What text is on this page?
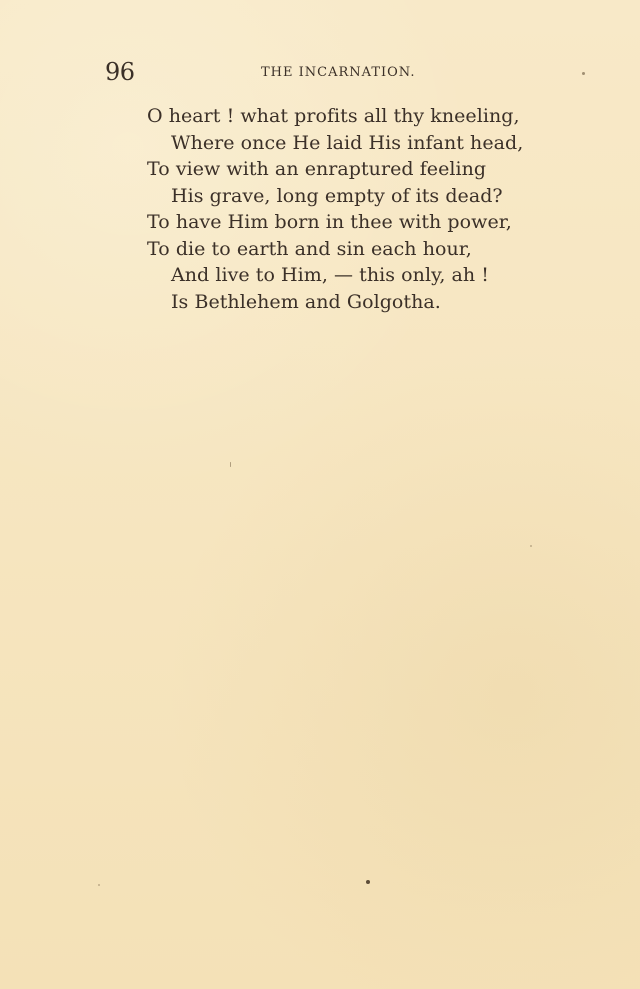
96	THE INCARNATION.
O heart ! what profits all thy kneeling,
Where once He laid His infant head,
To view with an enraptured feeling
His grave, long empty of its dead?
To have Him born in thee with power,
To die to earth and sin each hour,
And live to Him, — this only, ah !
Is Bethlehem and Golgotha.
